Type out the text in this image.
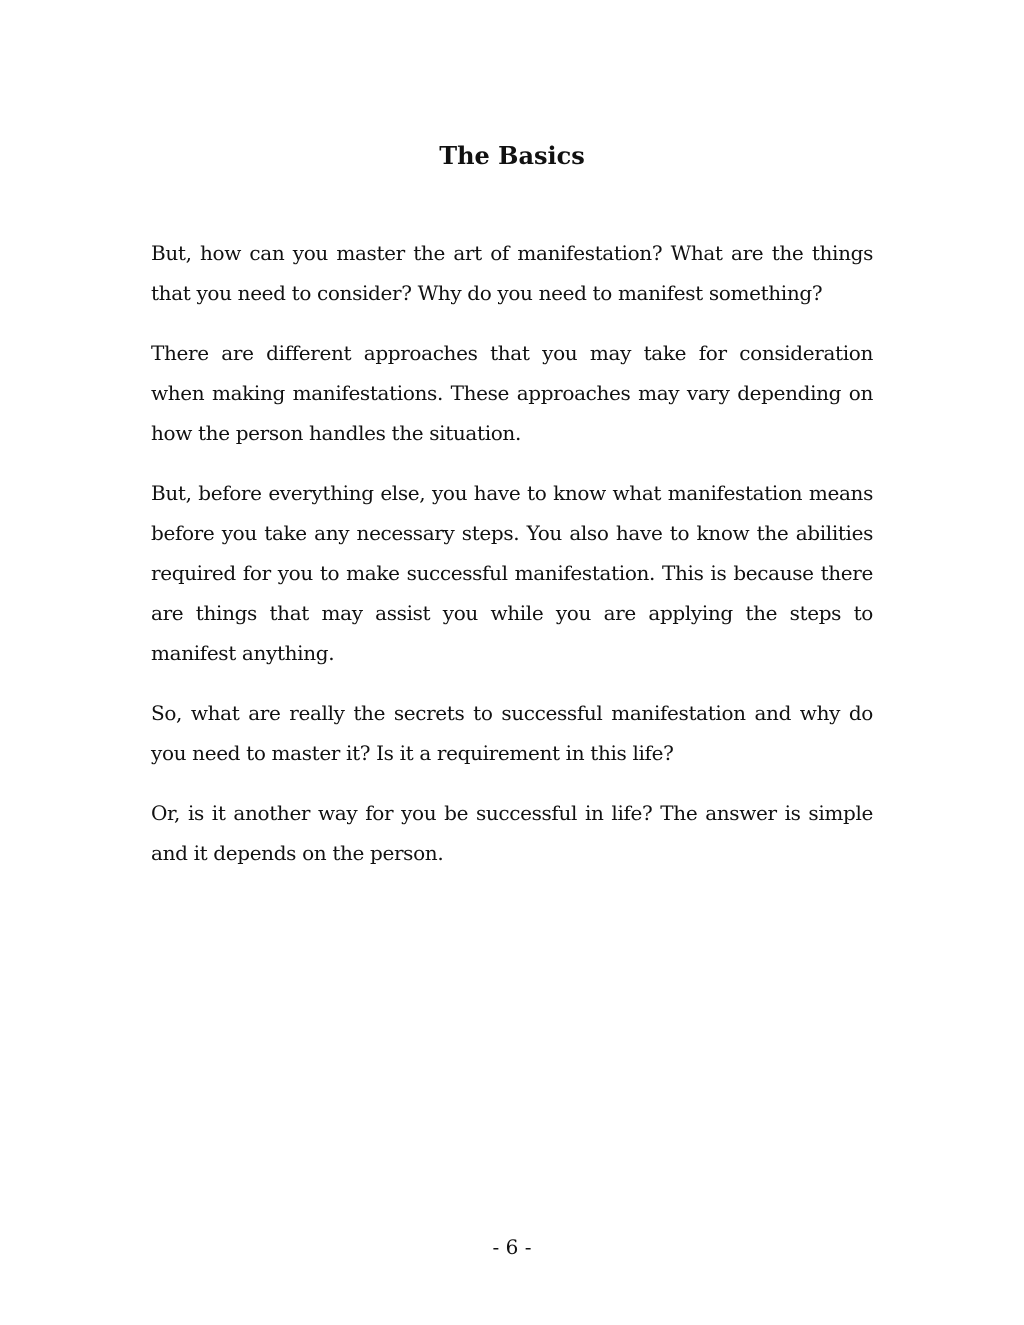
The Basics

But, how can you master the art of manifestation? What are the things that you need to consider? Why do you need to manifest something?

There are different approaches that you may take for consideration when making manifestations. These approaches may vary depending on how the person handles the situation.

But, before everything else, you have to know what manifestation means before you take any necessary steps. You also have to know the abilities required for you to make successful manifestation. This is because there are things that may assist you while you are applying the steps to manifest anything.

So, what are really the secrets to successful manifestation and why do you need to master it? Is it a requirement in this life?

Or, is it another way for you be successful in life? The answer is simple and it depends on the person.

- 6 -
